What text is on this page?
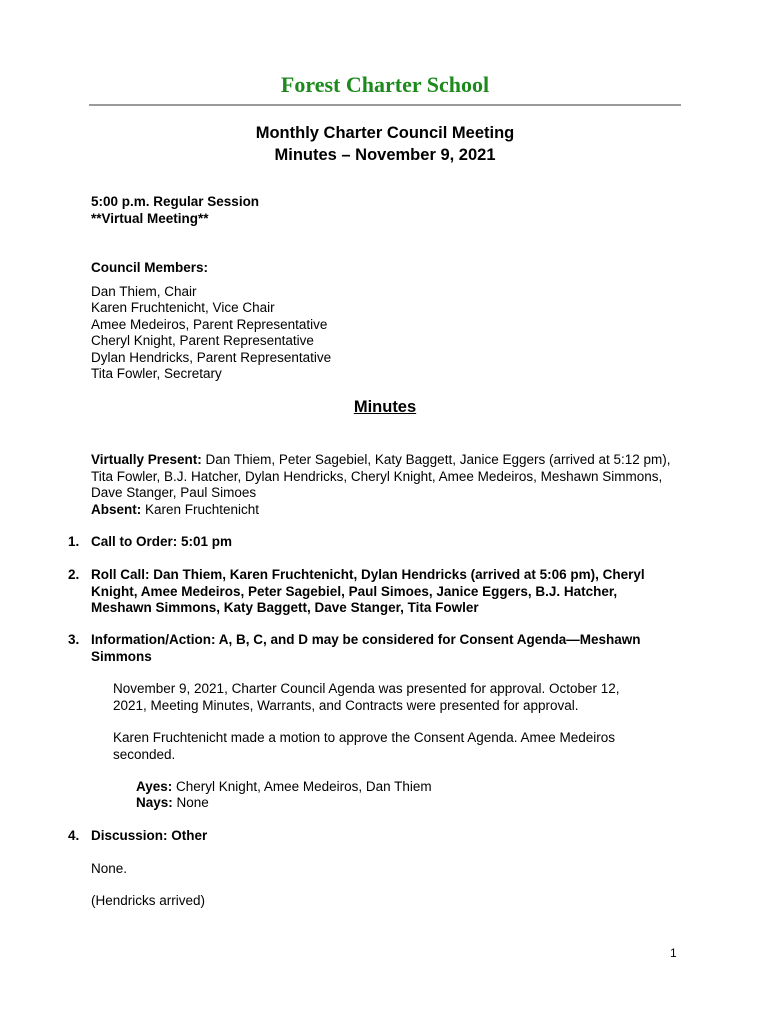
Forest Charter School
Monthly Charter Council Meeting
Minutes – November 9, 2021
5:00 p.m. Regular Session
**Virtual Meeting**
Council Members:
Dan Thiem, Chair
Karen Fruchtenicht, Vice Chair
Amee Medeiros, Parent Representative
Cheryl Knight, Parent Representative
Dylan Hendricks, Parent Representative
Tita Fowler, Secretary
Minutes
Virtually Present: Dan Thiem, Peter Sagebiel, Katy Baggett, Janice Eggers (arrived at 5:12 pm), Tita Fowler, B.J. Hatcher, Dylan Hendricks, Cheryl Knight, Amee Medeiros, Meshawn Simmons, Dave Stanger, Paul Simoes
Absent: Karen Fruchtenicht
1. Call to Order: 5:01 pm
2. Roll Call: Dan Thiem, Karen Fruchtenicht, Dylan Hendricks (arrived at 5:06 pm), Cheryl Knight, Amee Medeiros, Peter Sagebiel, Paul Simoes, Janice Eggers, B.J. Hatcher, Meshawn Simmons, Katy Baggett, Dave Stanger, Tita Fowler
3. Information/Action: A, B, C, and D may be considered for Consent Agenda—Meshawn Simmons
November 9, 2021, Charter Council Agenda was presented for approval. October 12, 2021, Meeting Minutes, Warrants, and Contracts were presented for approval.
Karen Fruchtenicht made a motion to approve the Consent Agenda. Amee Medeiros seconded.
Ayes: Cheryl Knight, Amee Medeiros, Dan Thiem
Nays: None
4. Discussion: Other
None.
(Hendricks arrived)
1
